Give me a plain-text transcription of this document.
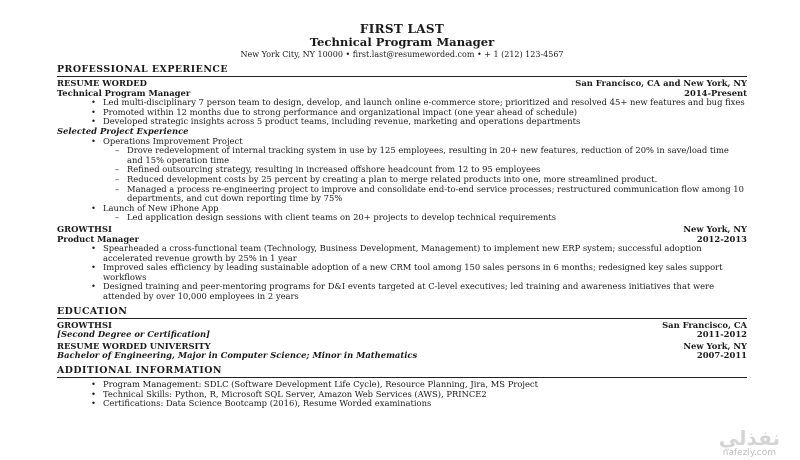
FIRST LAST
Technical Program Manager
New York City, NY 10000 • first.last@resumeworded.com • + 1 (212) 123-4567
PROFESSIONAL EXPERIENCE
RESUME WORDED	San Francisco, CA and New York, NY
Technical Program Manager	2014-Present
• Led multi-disciplinary 7 person team to design, develop, and launch online e-commerce store; prioritized and resolved 45+ new features and bug fixes
• Promoted within 12 months due to strong performance and organizational impact (one year ahead of schedule)
• Developed strategic insights across 5 product teams, including revenue, marketing and operations departments
Selected Project Experience
• Operations Improvement Project
– Drove redevelopment of internal tracking system in use by 125 employees, resulting in 20+ new features, reduction of 20% in save/load time and 15% operation time
– Refined outsourcing strategy, resulting in increased offshore headcount from 12 to 95 employees
– Reduced development costs by 25 percent by creating a plan to merge related products into one, more streamlined product.
– Managed a process re-engineering project to improve and consolidate end-to-end service processes; restructured communication flow among 10 departments, and cut down reporting time by 75%
• Launch of New iPhone App
– Led application design sessions with client teams on 20+ projects to develop technical requirements
GROWTHSI	New York, NY
Product Manager	2012-2013
• Spearheaded a cross-functional team (Technology, Business Development, Management) to implement new ERP system; successful adoption accelerated revenue growth by 25% in 1 year
• Improved sales efficiency by leading sustainable adoption of a new CRM tool among 150 sales persons in 6 months; redesigned key sales support workflows
• Designed training and peer-mentoring programs for D&I events targeted at C-level executives; led training and awareness initiatives that were attended by over 10,000 employees in 2 years
EDUCATION
GROWTHSI	San Francisco, CA
[Second Degree or Certification]	2011-2012
RESUME WORDED UNIVERSITY	New York, NY
Bachelor of Engineering, Major in Computer Science; Minor in Mathematics	2007-2011
ADDITIONAL INFORMATION
• Program Management: SDLC (Software Development Life Cycle), Resource Planning, Jira, MS Project
• Technical Skills: Python, R, Microsoft SQL Server, Amazon Web Services (AWS), PRINCE2
• Certifications: Data Science Bootcamp (2016), Resume Worded examinations
نفذلي
nafezly.com
